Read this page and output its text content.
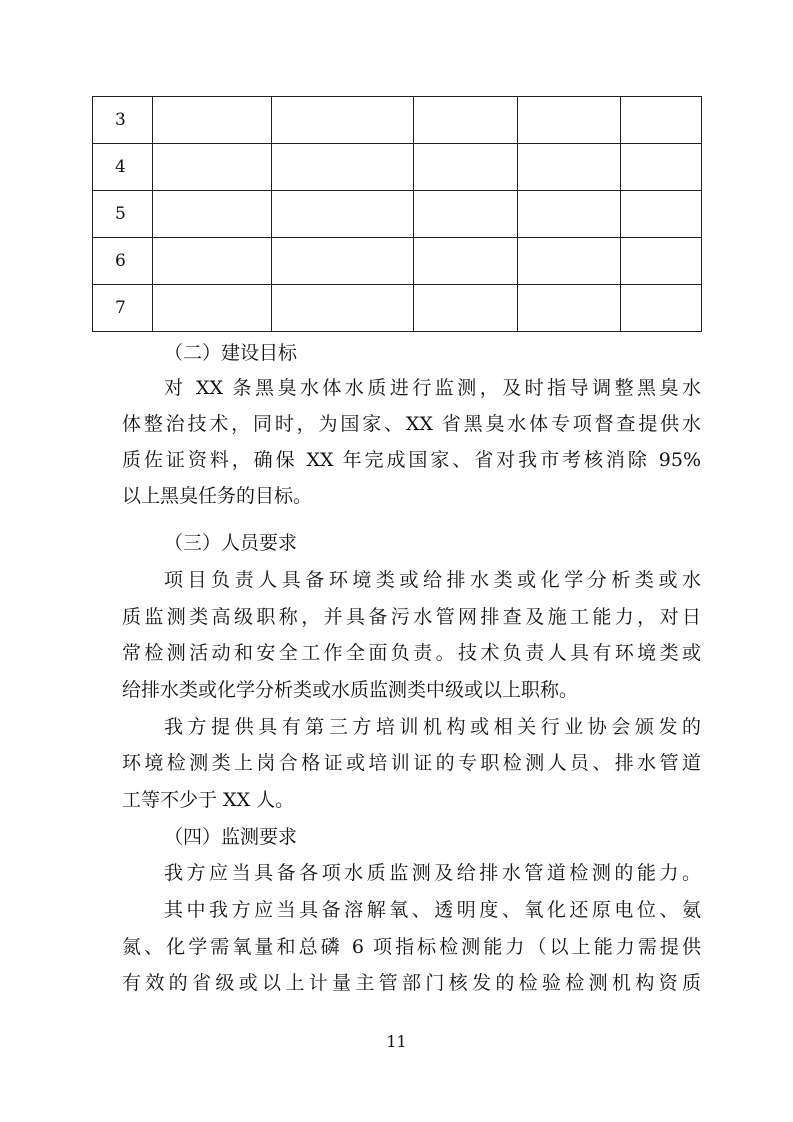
3					
4					
5					
6					
7					
（二）建设目标
对 XX 条黑臭水体水质进行监测，及时指导调整黑臭水
体整治技术，同时，为国家、XX 省黑臭水体专项督查提供水
质佐证资料，确保 XX 年完成国家、省对我市考核消除 95%
以上黑臭任务的目标。
（三）人员要求
项目负责人具备环境类或给排水类或化学分析类或水
质监测类高级职称，并具备污水管网排查及施工能力，对日
常检测活动和安全工作全面负责。技术负责人具有环境类或
给排水类或化学分析类或水质监测类中级或以上职称。
我方提供具有第三方培训机构或相关行业协会颁发的
环境检测类上岗合格证或培训证的专职检测人员、排水管道
工等不少于 XX 人。
（四）监测要求
我方应当具备各项水质监测及给排水管道检测的能力。
其中我方应当具备溶解氧、透明度、氧化还原电位、氨
氮、化学需氧量和总磷 6 项指标检测能力（以上能力需提供
有效的省级或以上计量主管部门核发的检验检测机构资质
11
